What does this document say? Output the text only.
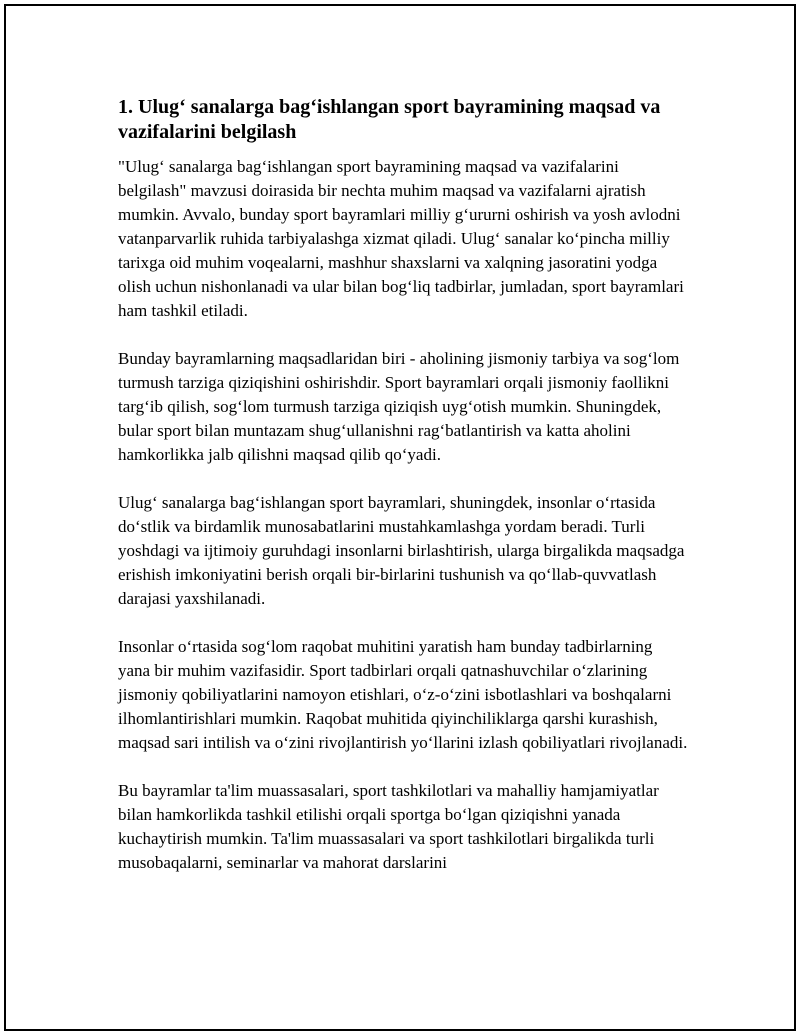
1. Ulug‘ sanalarga bag‘ishlangan sport bayramining maqsad va vazifalarini belgilash

"Ulug‘ sanalarga bag‘ishlangan sport bayramining maqsad va vazifalarini belgilash" mavzusi doirasida bir nechta muhim maqsad va vazifalarni ajratish mumkin. Avvalo, bunday sport bayramlari milliy g‘ururni oshirish va yosh avlodni vatanparvarlik ruhida tarbiyalashga xizmat qiladi. Ulug‘ sanalar ko‘pincha milliy tarixga oid muhim voqealarni, mashhur shaxslarni va xalqning jasoratini yodga olish uchun nishonlanadi va ular bilan bog‘liq tadbirlar, jumladan, sport bayramlari ham tashkil etiladi.

Bunday bayramlarning maqsadlaridan biri - aholining jismoniy tarbiya va sog‘lom turmush tarziga qiziqishini oshirishdir. Sport bayramlari orqali jismoniy faollikni targ‘ib qilish, sog‘lom turmush tarziga qiziqish uyg‘otish mumkin. Shuningdek, bular sport bilan muntazam shug‘ullanishni rag‘batlantirish va katta aholini hamkorlikka jalb qilishni maqsad qilib qo‘yadi.

Ulug‘ sanalarga bag‘ishlangan sport bayramlari, shuningdek, insonlar o‘rtasida do‘stlik va birdamlik munosabatlarini mustahkamlashga yordam beradi. Turli yoshdagi va ijtimoiy guruhdagi insonlarni birlashtirish, ularga birgalikda maqsadga erishish imkoniyatini berish orqali bir-birlarini tushunish va qo‘llab-quvvatlash darajasi yaxshilanadi.

Insonlar o‘rtasida sog‘lom raqobat muhitini yaratish ham bunday tadbirlarning yana bir muhim vazifasidir. Sport tadbirlari orqali qatnashuvchilar o‘zlarining jismoniy qobiliyatlarini namoyon etishlari, o‘z-o‘zini isbotlashlari va boshqalarni ilhomlantirishlari mumkin. Raqobat muhitida qiyinchiliklarga qarshi kurashish, maqsad sari intilish va o‘zini rivojlantirish yo‘llarini izlash qobiliyatlari rivojlanadi.

Bu bayramlar ta'lim muassasalari, sport tashkilotlari va mahalliy hamjamiyatlar bilan hamkorlikda tashkil etilishi orqali sportga bo‘lgan qiziqishni yanada kuchaytirish mumkin. Ta'lim muassasalari va sport tashkilotlari birgalikda turli musobaqalarni, seminarlar va mahorat darslarini
